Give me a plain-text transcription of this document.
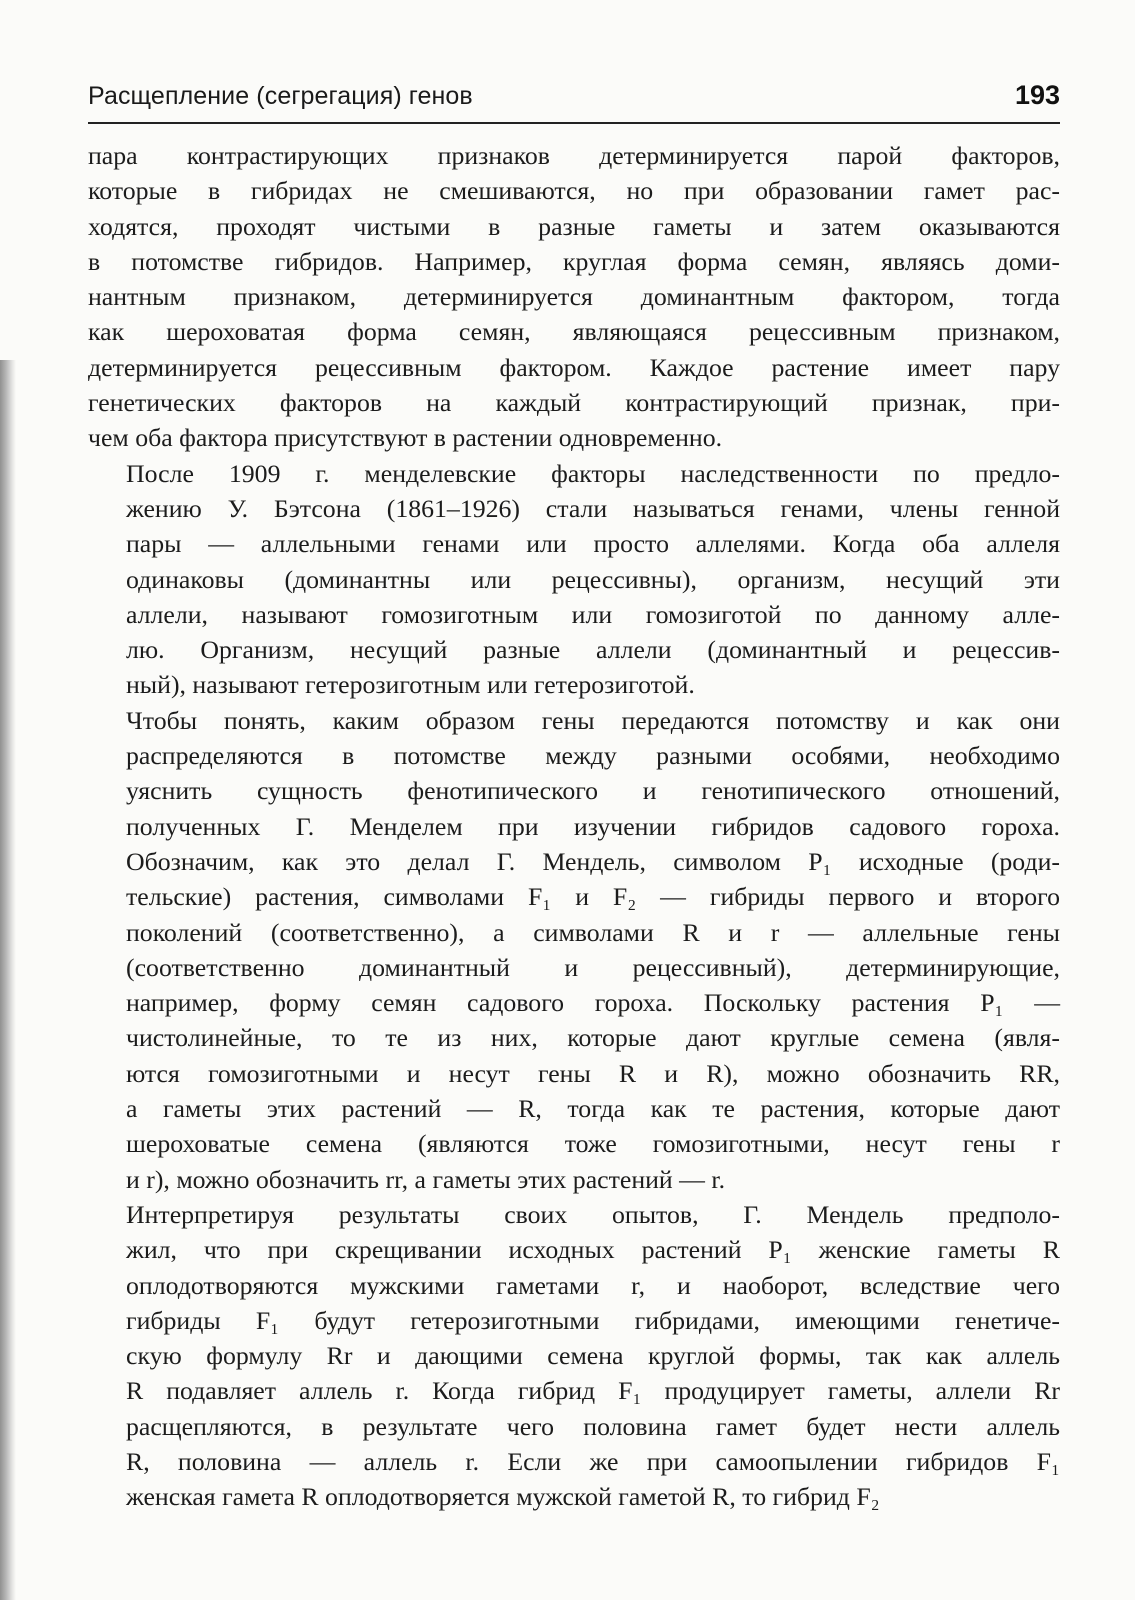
Расщепление (сегрегация) генов	193

пара контрастирующих признаков детерминируется парой факторов,
которые в гибридах не смешиваются, но при образовании гамет рас-
ходятся, проходят чистыми в разные гаметы и затем оказываются
в потомстве гибридов. Например, круглая форма семян, являясь доми-
нантным признаком, детерминируется доминантным фактором, тогда
как шероховатая форма семян, являющаяся рецессивным признаком,
детерминируется рецессивным фактором. Каждое растение имеет пару
генетических факторов на каждый контрастирующий признак, при-
чем оба фактора присутствуют в растении одновременно.

После 1909 г. менделевские факторы наследственности по предло-
жению У. Бэтсона (1861–1926) стали называться генами, члены генной
пары — аллельными генами или просто аллелями. Когда оба аллеля
одинаковы (доминантны или рецессивны), организм, несущий эти
аллели, называют гомозиготным или гомозиготой по данному алле-
лю. Организм, несущий разные аллели (доминантный и рецессив-
ный), называют гетерозиготным или гетерозиготой.

Чтобы понять, каким образом гены передаются потомству и как они
распределяются в потомстве между разными особями, необходимо
уяснить сущность фенотипического и генотипического отношений,
полученных Г. Менделем при изучении гибридов садового гороха.
Обозначим, как это делал Г. Мендель, символом P₁ исходные (роди-
тельские) растения, символами F₁ и F₂ — гибриды первого и второго
поколений (соответственно), а символами R и r — аллельные гены
(соответственно доминантный и рецессивный), детерминирующие,
например, форму семян садового гороха. Поскольку растения P₁ —
чистолинейные, то те из них, которые дают круглые семена (явля-
ются гомозиготными и несут гены R и R), можно обозначить RR,
а гаметы этих растений — R, тогда как те растения, которые дают
шероховатые семена (являются тоже гомозиготными, несут гены r
и r), можно обозначить rr, а гаметы этих растений — r.

Интерпретируя результаты своих опытов, Г. Мендель предполо-
жил, что при скрещивании исходных растений P₁ женские гаметы R
оплодотворяются мужскими гаметами r, и наоборот, вследствие чего
гибриды F₁ будут гетерозиготными гибридами, имеющими генетиче-
скую формулу Rr и дающими семена круглой формы, так как аллель
R подавляет аллель r. Когда гибрид F₁ продуцирует гаметы, аллели Rr
расщепляются, в результате чего половина гамет будет нести аллель
R, половина — аллель r. Если же при самоопылении гибридов F₁
женская гамета R оплодотворяется мужской гаметой R, то гибрид F₂
